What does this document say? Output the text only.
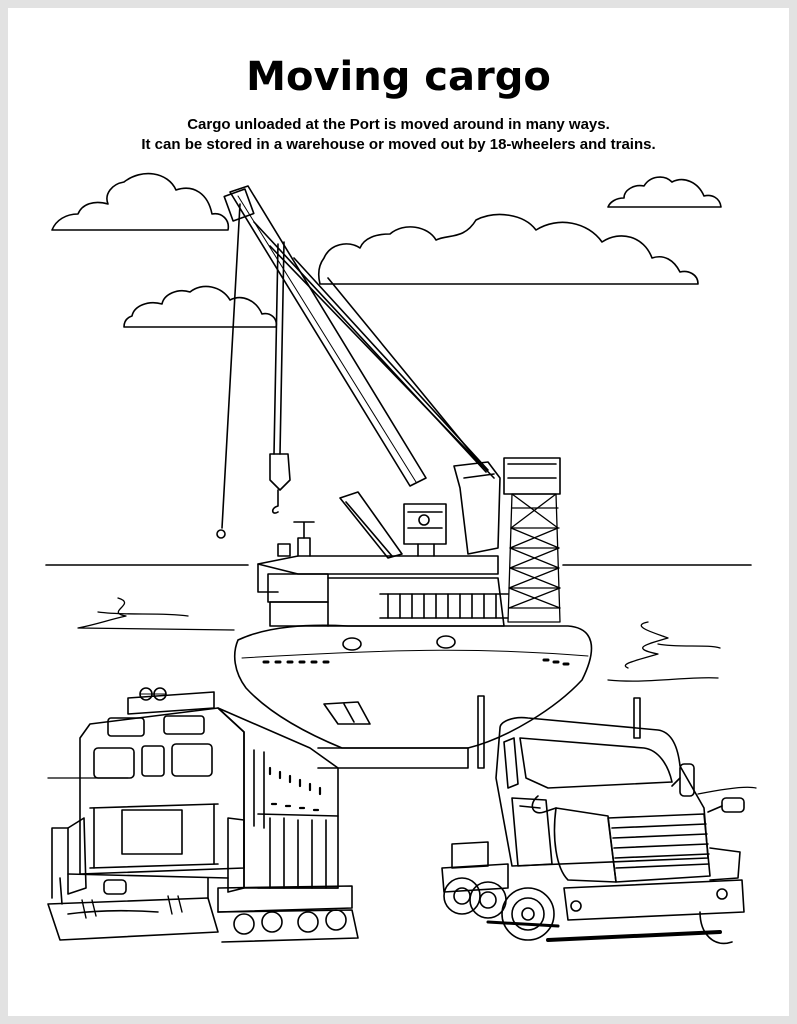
Moving cargo

Cargo unloaded at the Port is moved around in many ways.
It can be stored in a warehouse or moved out by 18-wheelers and trains.
